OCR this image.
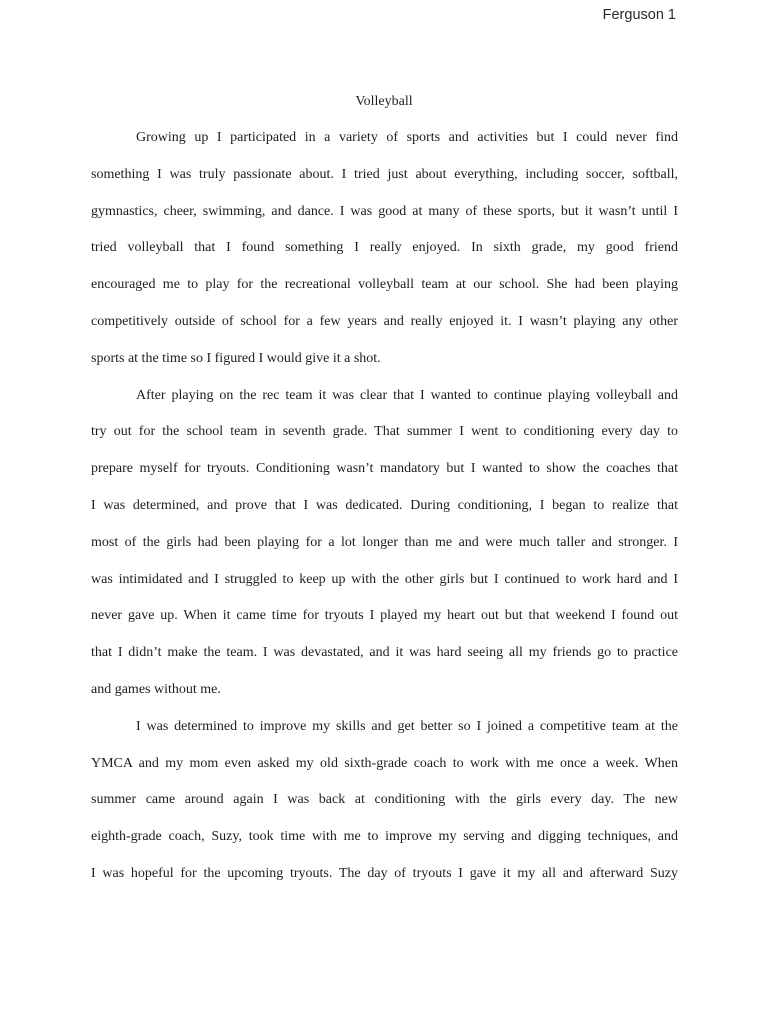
Ferguson 1
Volleyball
Growing up I participated in a variety of sports and activities but I could never find
something I was truly passionate about. I tried just about everything, including soccer, softball,
gymnastics, cheer, swimming, and dance. I was good at many of these sports, but it wasn’t until I
tried volleyball that I found something I really enjoyed. In sixth grade, my good friend
encouraged me to play for the recreational volleyball team at our school. She had been playing
competitively outside of school for a few years and really enjoyed it. I wasn’t playing any other
sports at the time so I figured I would give it a shot.
After playing on the rec team it was clear that I wanted to continue playing volleyball and
try out for the school team in seventh grade. That summer I went to conditioning every day to
prepare myself for tryouts. Conditioning wasn’t mandatory but I wanted to show the coaches that
I was determined, and prove that I was dedicated. During conditioning, I began to realize that
most of the girls had been playing for a lot longer than me and were much taller and stronger. I
was intimidated and I struggled to keep up with the other girls but I continued to work hard and I
never gave up. When it came time for tryouts I played my heart out but that weekend I found out
that I didn’t make the team. I was devastated, and it was hard seeing all my friends go to practice
and games without me.
I was determined to improve my skills and get better so I joined a competitive team at the
YMCA and my mom even asked my old sixth-grade coach to work with me once a week. When
summer came around again I was back at conditioning with the girls every day. The new
eighth-grade coach, Suzy, took time with me to improve my serving and digging techniques, and
I was hopeful for the upcoming tryouts. The day of tryouts I gave it my all and afterward Suzy
